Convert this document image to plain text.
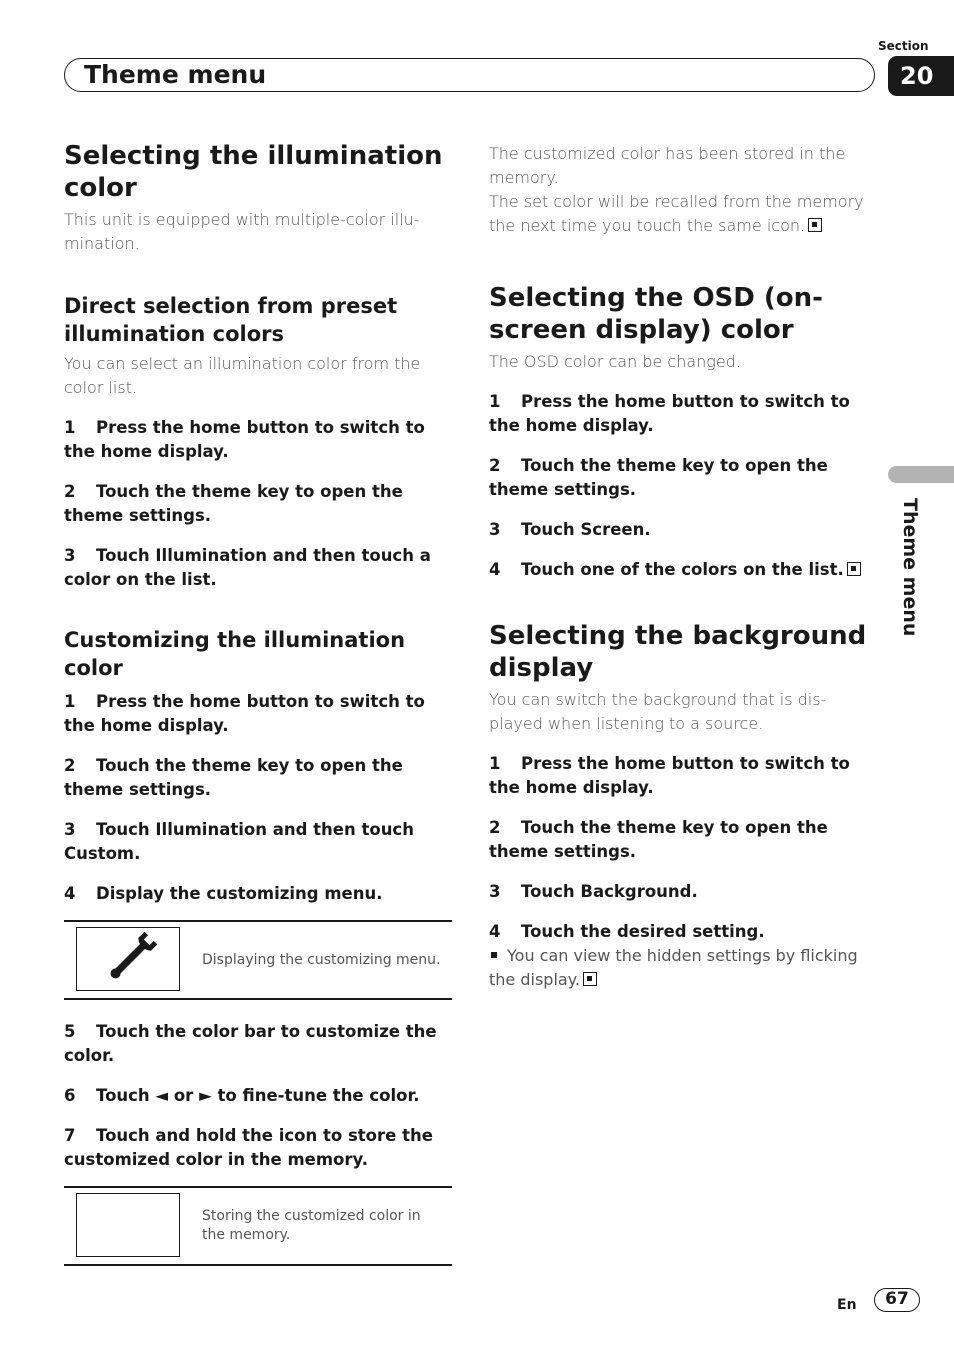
Section
20
Theme menu
Theme menu
Selecting the illumination color

This unit is equipped with multiple-color illu-mination.

Direct selection from preset illumination colors

You can select an illumination color from the color list.

1 Press the home button to switch to the home display.
2 Touch the theme key to open the theme settings.
3 Touch Illumination and then touch a color on the list.
Customizing the illumination color
1 Press the home button to switch to the home display.
2 Touch the theme key to open the theme settings.
3 Touch Illumination and then touch Custom.
4 Display the customizing menu.
Displaying the customizing menu.
5 Touch the color bar to customize the color.
6 Touch ◄ or ► to fine-tune the color.
7 Touch and hold the icon to store the customized color in the memory.
Storing the customized color in the memory.

The customized color has been stored in the memory.

The set color will be recalled from the memory the next time you touch the same icon.

Selecting the OSD (on-screen display) color

The OSD color can be changed.

1 Press the home button to switch to the home display.
2 Touch the theme key to open the theme settings.
3 Touch Screen.
4 Touch one of the colors on the list.
Selecting the background display

You can switch the background that is dis-played when listening to a source.

1 Press the home button to switch to the home display.
2 Touch the theme key to open the theme settings.
3 Touch Background.
4 Touch the desired setting.

You can view the hidden settings by flicking the display.

En	67
